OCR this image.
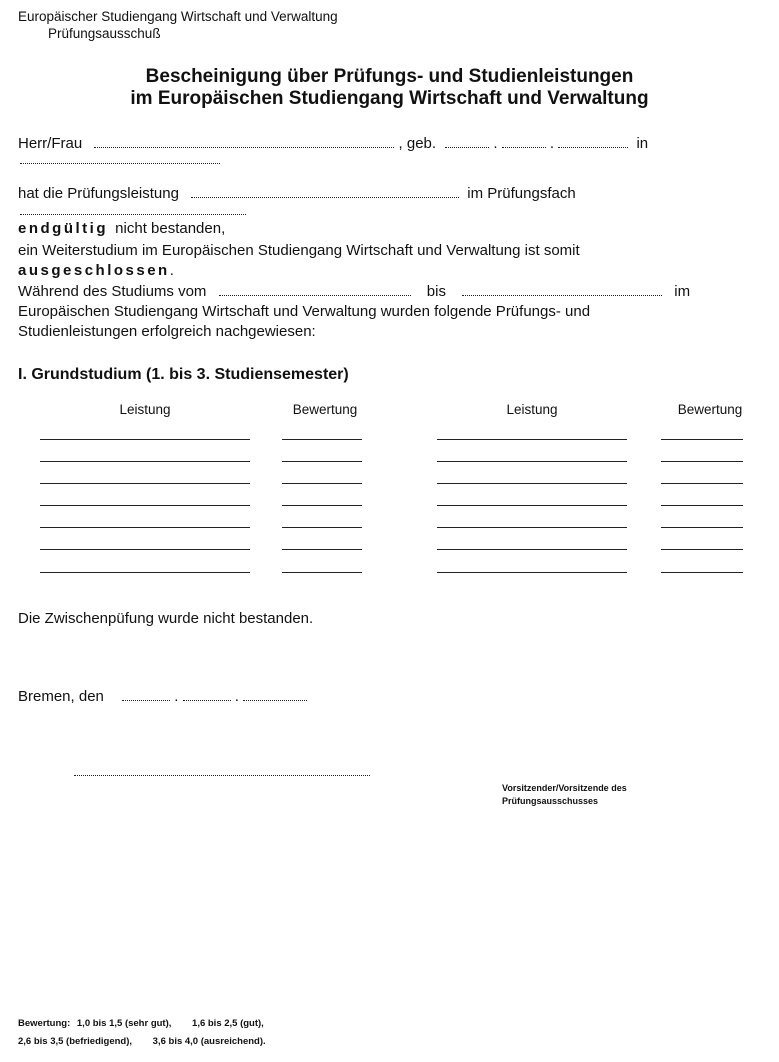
Europäischer Studiengang Wirtschaft und Verwaltung
Prüfungsausschuß
Bescheinigung über Prüfungs- und Studienleistungen
im Europäischen Studiengang Wirtschaft und Verwaltung
Herr/Frau	, geb.	.	.	in
hat die Prüfungsleistung	im Prüfungsfach
endgültig nicht bestanden,
ein Weiterstudium im Europäischen Studiengang Wirtschaft und Verwaltung ist somit
ausgeschlossen.
Während des Studiums vom	bis	im
Europäischen Studiengang Wirtschaft und Verwaltung wurden folgende Prüfungs- und
Studienleistungen erfolgreich nachgewiesen:
I. Grundstudium (1. bis 3. Studiensemester)
Leistung	Bewertung	Leistung	Bewertung
Die Zwischenpüfung wurde nicht bestanden.
Bremen, den	.	.
Vorsitzender/Vorsitzende des
Prüfungsausschusses
Bewertung: 1,0 bis 1,5 (sehr gut), 1,6 bis 2,5 (gut),
2,6 bis 3,5 (befriedigend), 3,6 bis 4,0 (ausreichend).
